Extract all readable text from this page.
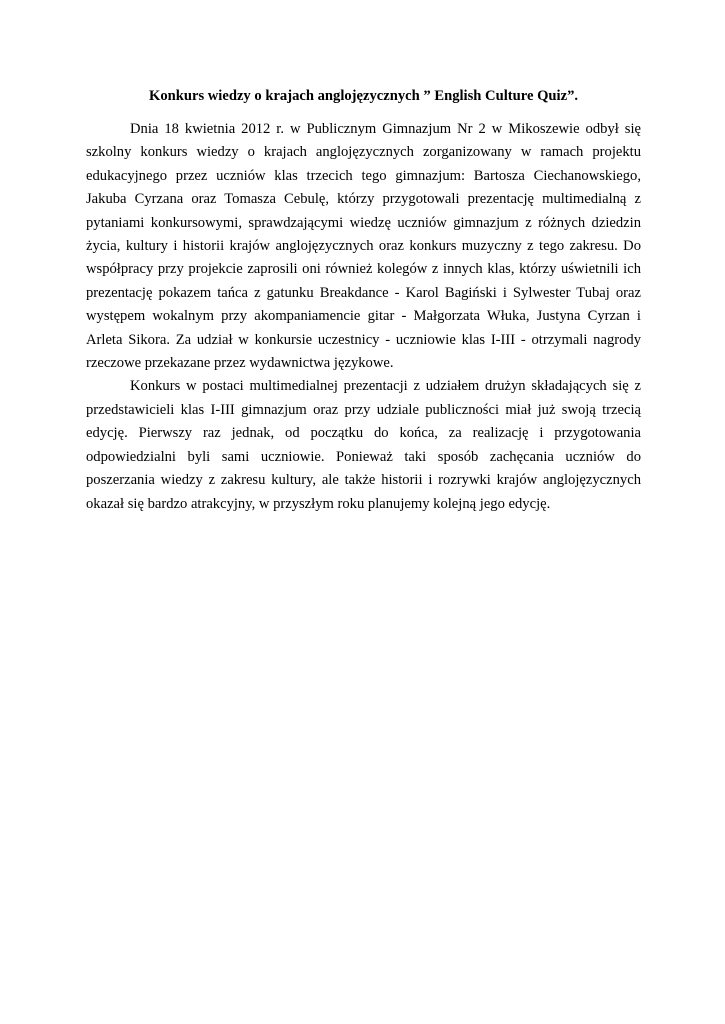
Konkurs wiedzy o krajach anglojęzycznych ” English Culture Quiz”.

Dnia 18 kwietnia 2012 r. w Publicznym Gimnazjum Nr 2 w Mikoszewie odbył się szkolny konkurs wiedzy o krajach anglojęzycznych zorganizowany w ramach projektu edukacyjnego przez uczniów klas trzecich tego gimnazjum: Bartosza Ciechanowskiego, Jakuba Cyrzana oraz Tomasza Cebulę, którzy przygotowali prezentację multimedialną z pytaniami konkursowymi, sprawdzającymi wiedzę uczniów gimnazjum z różnych dziedzin życia, kultury i historii krajów anglojęzycznych oraz konkurs muzyczny z tego zakresu. Do współpracy przy projekcie zaprosili oni również kolegów z innych klas, którzy uświetnili ich prezentację pokazem tańca z gatunku Breakdance - Karol Bagiński i Sylwester Tubaj oraz występem wokalnym przy akompaniamencie gitar - Małgorzata Włuka, Justyna Cyrzan i Arleta Sikora. Za udział w konkursie uczestnicy - uczniowie klas I-III - otrzymali nagrody rzeczowe przekazane przez wydawnictwa językowe.

Konkurs w postaci multimedialnej prezentacji z udziałem drużyn składających się z przedstawicieli klas I-III gimnazjum oraz przy udziale publiczności miał już swoją trzecią edycję. Pierwszy raz jednak, od początku do końca, za realizację i przygotowania odpowiedzialni byli sami uczniowie. Ponieważ taki sposób zachęcania uczniów do poszerzania wiedzy z zakresu kultury, ale także historii i rozrywki krajów anglojęzycznych okazał się bardzo atrakcyjny, w przyszłym roku planujemy kolejną jego edycję.
